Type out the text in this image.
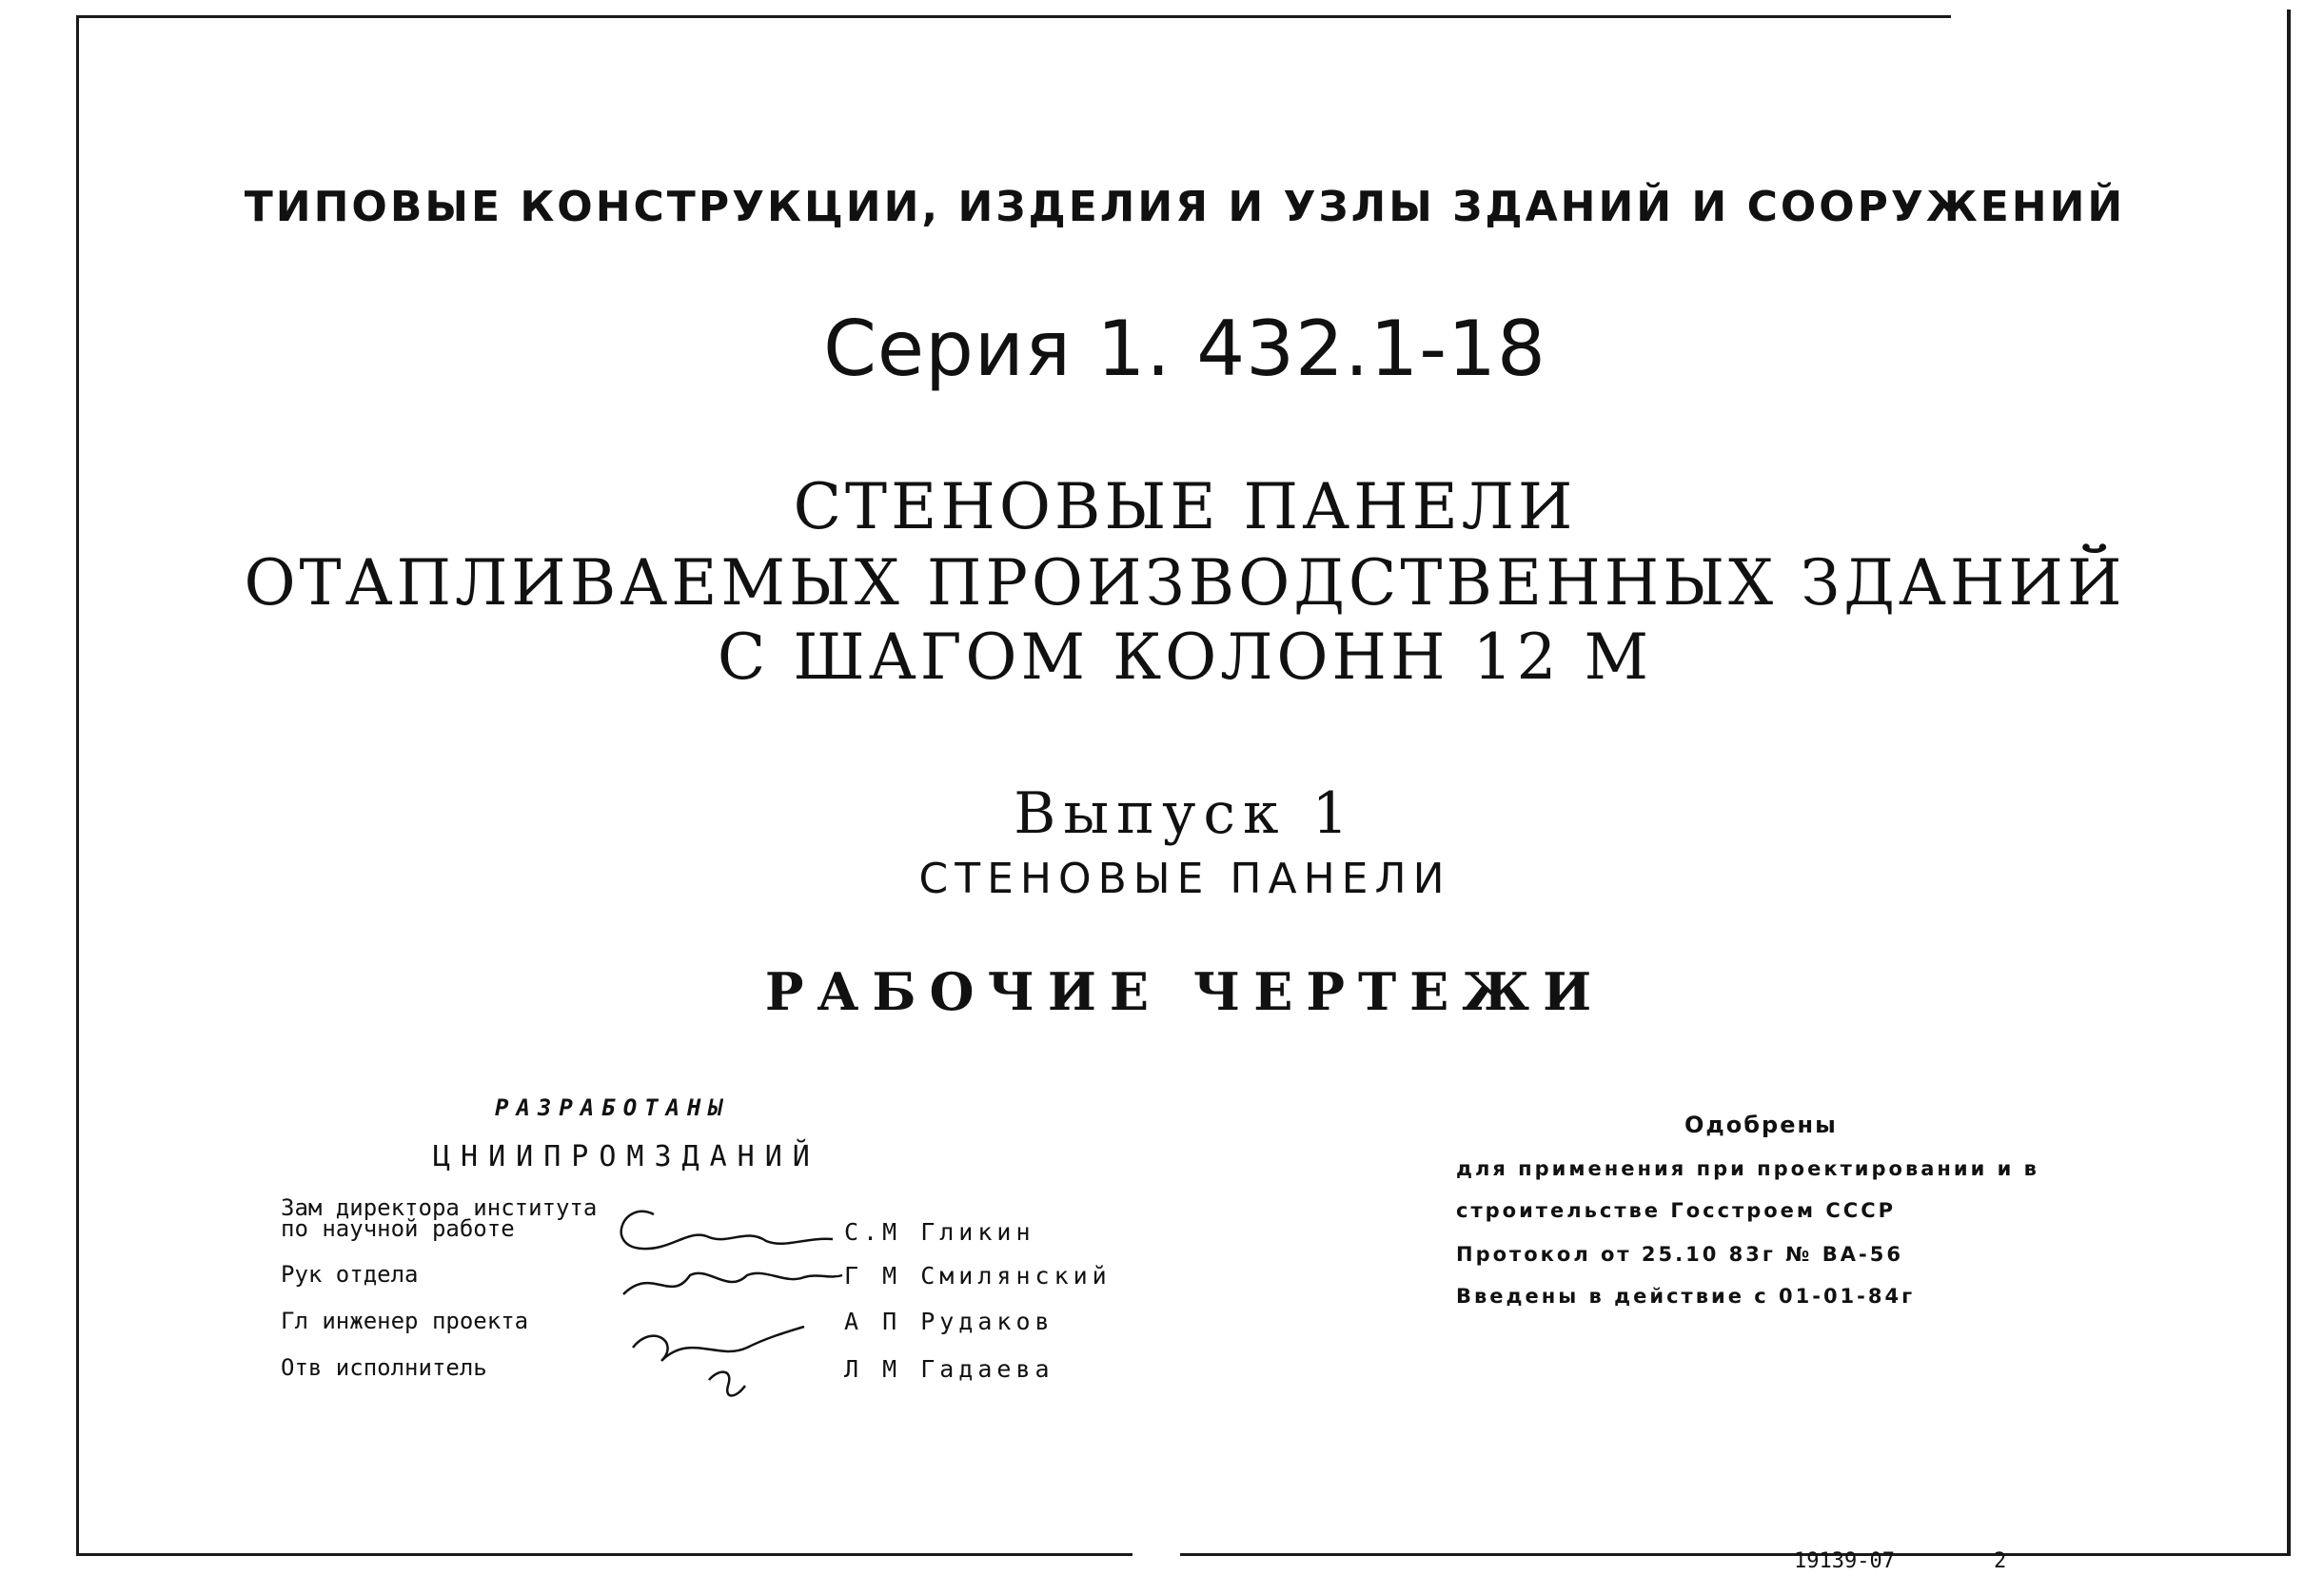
ТИПОВЫЕ КОНСТРУКЦИИ, ИЗДЕЛИЯ И УЗЛЫ ЗДАНИЙ И СООРУЖЕНИЙ
Серия 1. 432.1-18
СТЕНОВЫЕ ПАНЕЛИ
ОТАПЛИВАЕМЫХ ПРОИЗВОДСТВЕННЫХ ЗДАНИЙ
С ШАГОМ КОЛОНН 12 М
Выпуск 1
СТЕНОВЫЕ ПАНЕЛИ
РАБОЧИЕ ЧЕРТЕЖИ
РАЗРАБОТАНЫ
ЦНИИПРОМЗДАНИЙ
Зам директора института
по научной работе	С.М Гликин
Рук отдела	Г М Смилянский
Гл инженер проекта	А П Рудаков
Отв исполнитель	Л М Гадаева
Одобрены
для применения при проектировании и в
строительстве Госстроем СССР
Протокол от 25.10 83г № ВА-56
Введены в действие с 01-01-84г
19139-07	2
